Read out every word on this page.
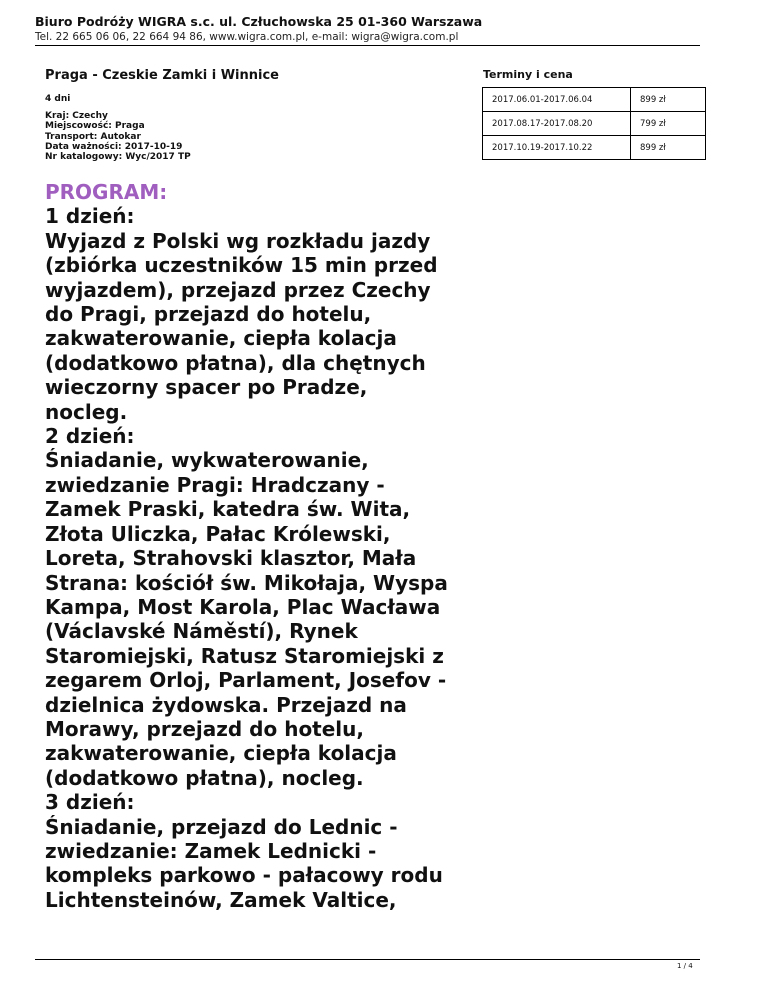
Biuro Podróży WIGRA s.c. ul. Człuchowska 25 01-360 Warszawa

Tel. 22 665 06 06, 22 664 94 86, www.wigra.com.pl, e-mail: wigra@wigra.com.pl

Praga - Czeskie Zamki i Winnice
4 dni
Kraj: Czechy
Miejscowość: Praga
Transport: Autokar
Data ważności: 2017-10-19
Nr katalogowy: Wyc/2017 TP
Terminy i cena
2017.06.01-2017.06.04	899 zł
2017.08.17-2017.08.20	799 zł
2017.10.19-2017.10.22	899 zł
PROGRAM:
1 dzień:
Wyjazd z Polski wg rozkładu jazdy
(zbiórka uczestników 15 min przed
wyjazdem), przejazd przez Czechy
do Pragi, przejazd do hotelu,
zakwaterowanie, ciepła kolacja
(dodatkowo płatna), dla chętnych
wieczorny spacer po Pradze,
nocleg.
2 dzień:
Śniadanie, wykwaterowanie,
zwiedzanie Pragi: Hradczany -
Zamek Praski, katedra św. Wita,
Złota Uliczka, Pałac Królewski,
Loreta, Strahovski klasztor, Mała
Strana: kościół św. Mikołaja, Wyspa
Kampa, Most Karola, Plac Wacława
(Václavské Náměstí), Rynek
Staromiejski, Ratusz Staromiejski z
zegarem Orloj, Parlament, Josefov -
dzielnica żydowska. Przejazd na
Morawy, przejazd do hotelu,
zakwaterowanie, ciepła kolacja
(dodatkowo płatna), nocleg.
3 dzień:
Śniadanie, przejazd do Lednic -
zwiedzanie: Zamek Lednicki -
kompleks parkowo - pałacowy rodu
Lichtensteinów, Zamek Valtice,
1 / 4
